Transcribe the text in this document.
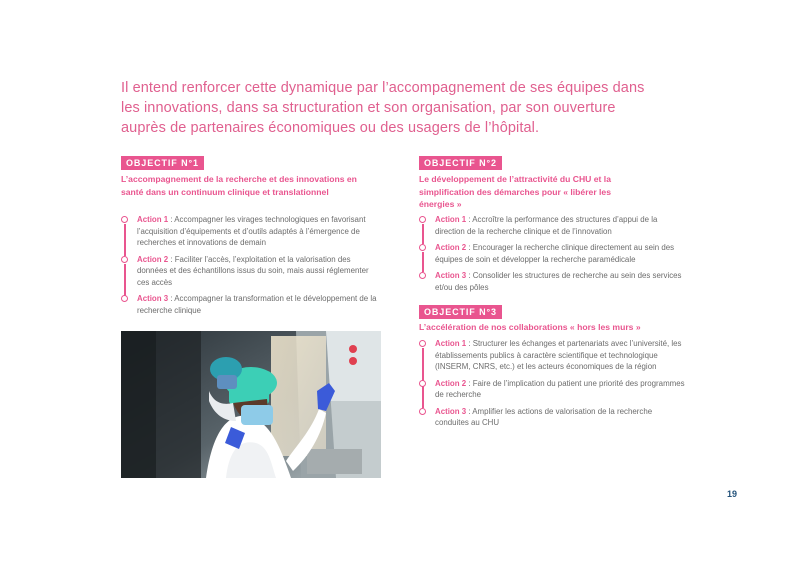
Il entend renforcer cette dynamique par l’accompagnement de ses équipes dans les innovations, dans sa structuration et son organisation, par son ouverture auprès de partenaires économiques ou des usagers de l’hôpital.
OBJECTIF N°1
L’accompagnement de la recherche et des innovations en santé dans un continuum clinique et translationnel
Action 1 : Accompagner les virages technologiques en favorisant l’acquisition d’équipements et d’outils adaptés à l’émergence de recherches et innovations de demain
Action 2 : Faciliter l’accès, l’exploitation et la valorisation des données et des échantillons issus du soin, mais aussi réglementer ces accès
Action 3 : Accompagner la transformation et le développement de la recherche clinique
OBJECTIF N°2
Le développement de l’attractivité du CHU et la simplification des démarches pour « libérer les énergies »
Action 1 : Accroître la performance des structures d’appui de la direction de la recherche clinique et de l’innovation
Action 2 : Encourager la recherche clinique directement au sein des équipes de soin et développer la recherche paramédicale
Action 3 : Consolider les structures de recherche au sein des services et/ou des pôles
OBJECTIF N°3
L’accélération de nos collaborations « hors les murs »
Action 1 : Structurer les échanges et partenariats avec l’université, les établissements publics à caractère scientifique et technologique (INSERM, CNRS, etc.) et les acteurs économiques de la région
Action 2 : Faire de l’implication du patient une priorité des programmes de recherche
Action 3 : Amplifier les actions de valorisation de la recherche conduites au CHU
19
